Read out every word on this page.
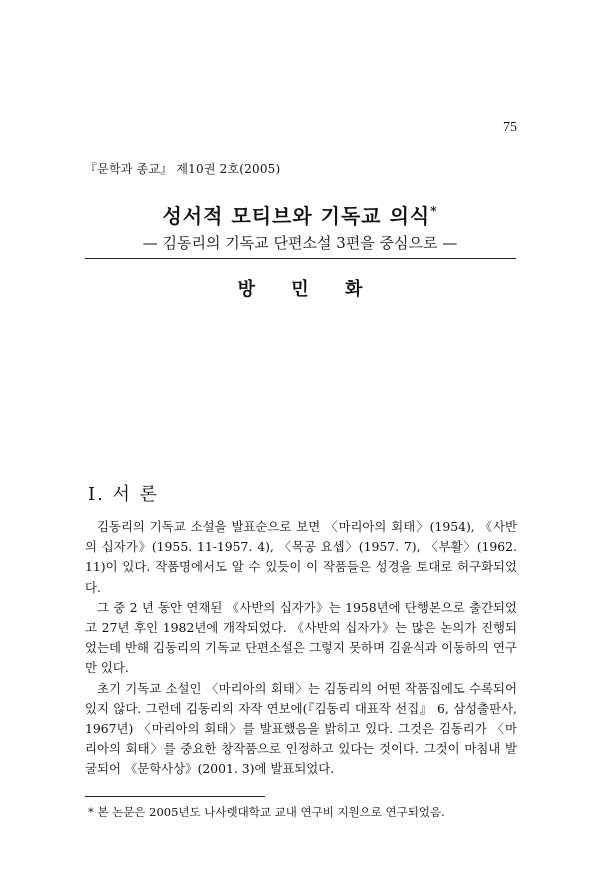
75
『문학과 종교』 제10권 2호(2005)
성서적 모티브와 기독교 의식*
— 김동리의 기독교 단편소설 3편을 중심으로 —
방 민 화
Ⅰ. 서 론

김동리의 기독교 소설을 발표순으로 보면 〈마리아의 회태〉(1954), 《사반의 십자가》(1955. 11-1957. 4), 〈목공 요셉〉(1957. 7), 〈부활〉(1962. 11)이 있다. 작품명에서도 알 수 있듯이 이 작품들은 성경을 토대로 허구화되었다.

그 중 2 년 동안 연재된 《사반의 십자가》는 1958년에 단행본으로 출간되었고 27년 후인 1982년에 개작되었다. 《사반의 십자가》는 많은 논의가 진행되었는데 반해 김동리의 기독교 단편소설은 그렇지 못하며 김윤식과 이동하의 연구만 있다.

초기 기독교 소설인 〈마리아의 회태〉는 김동리의 어떤 작품집에도 수록되어 있지 않다. 그런데 김동리의 자작 연보에(『김동리 대표작 선집』 6, 삼성출판사, 1967년) 〈마리아의 회태〉를 발표했음을 밝히고 있다. 그것은 김동리가 〈마리아의 회태〉를 중요한 창작품으로 인정하고 있다는 것이다. 그것이 마침내 발굴되어 《문학사상》(2001. 3)에 발표되었다.

* 본 논문은 2005년도 나사렛대학교 교내 연구비 지원으로 연구되었음.
